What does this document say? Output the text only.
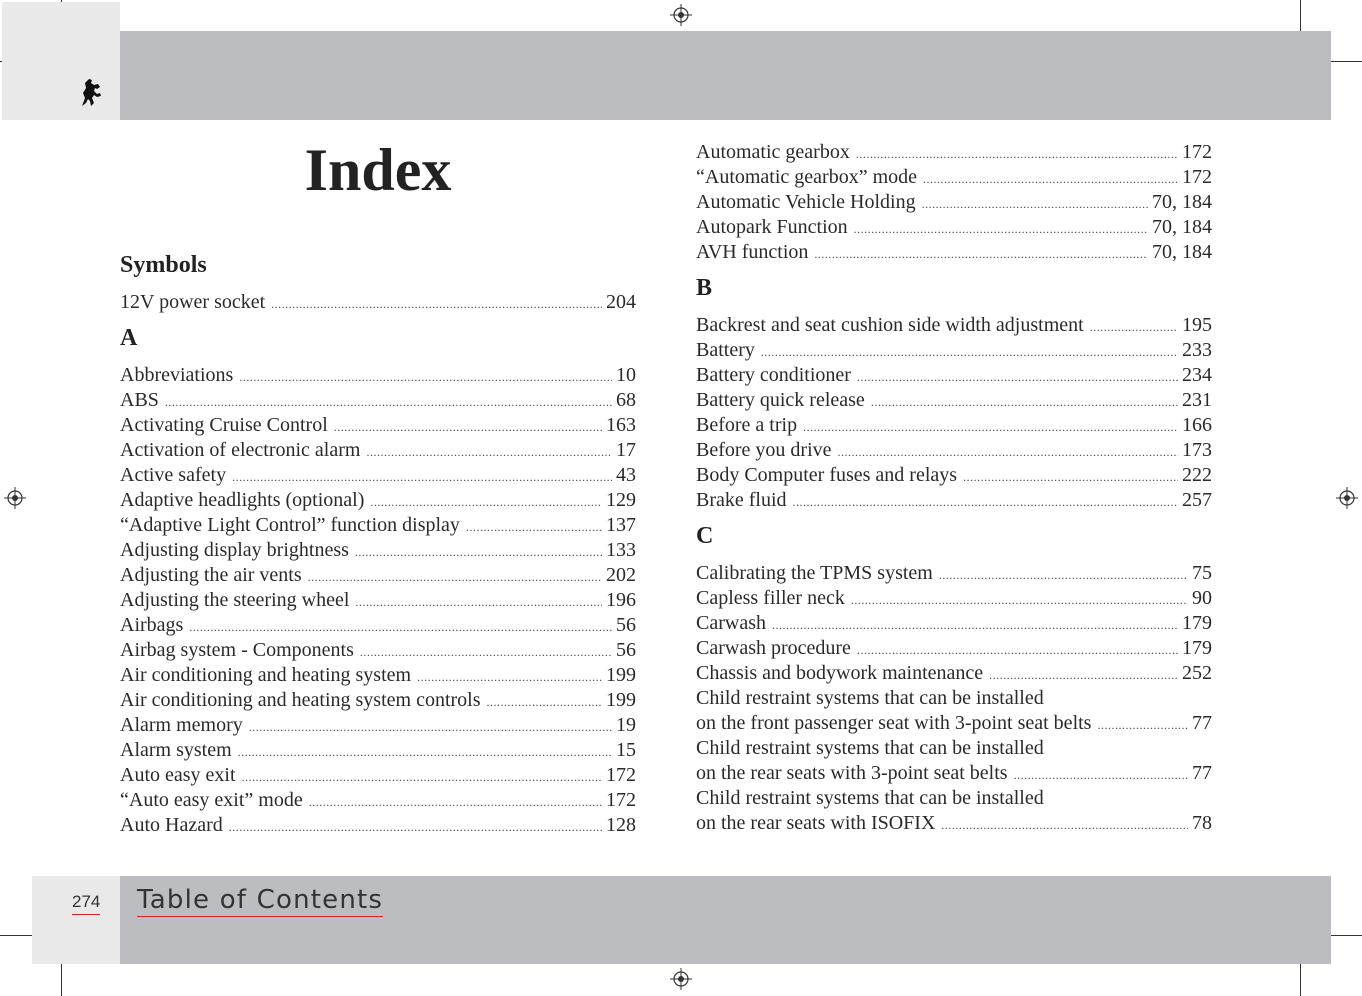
Index
Symbols
12V power socket .....	204
A
Abbreviations .....	10
ABS .....	68
Activating Cruise Control .....	163
Activation of electronic alarm .....	17
Active safety .....	43
Adaptive headlights (optional) .....	129
“Adaptive Light Control” function display .....	137
Adjusting display brightness .....	133
Adjusting the air vents .....	202
Adjusting the steering wheel .....	196
Airbags .....	56
Airbag system - Components .....	56
Air conditioning and heating system .....	199
Air conditioning and heating system controls .....	199
Alarm memory .....	19
Alarm system .....	15
Auto easy exit .....	172
“Auto easy exit” mode .....	172
Auto Hazard .....	128
Automatic gearbox .....	172
“Automatic gearbox” mode .....	172
Automatic Vehicle Holding .....	70, 184
Autopark Function .....	70, 184
AVH function .....	70, 184
B
Backrest and seat cushion side width adjustment .....	195
Battery .....	233
Battery conditioner .....	234
Battery quick release .....	231
Before a trip .....	166
Before you drive .....	173
Body Computer fuses and relays .....	222
Brake fluid .....	257
C
Calibrating the TPMS system .....	75
Capless filler neck .....	90
Carwash .....	179
Carwash procedure .....	179
Chassis and bodywork maintenance .....	252
Child restraint systems that can be installed
on the front passenger seat with 3-point seat belts .....	77
Child restraint systems that can be installed
on the rear seats with 3-point seat belts .....	77
Child restraint systems that can be installed
on the rear seats with ISOFIX .....	78
274 Table of Contents
